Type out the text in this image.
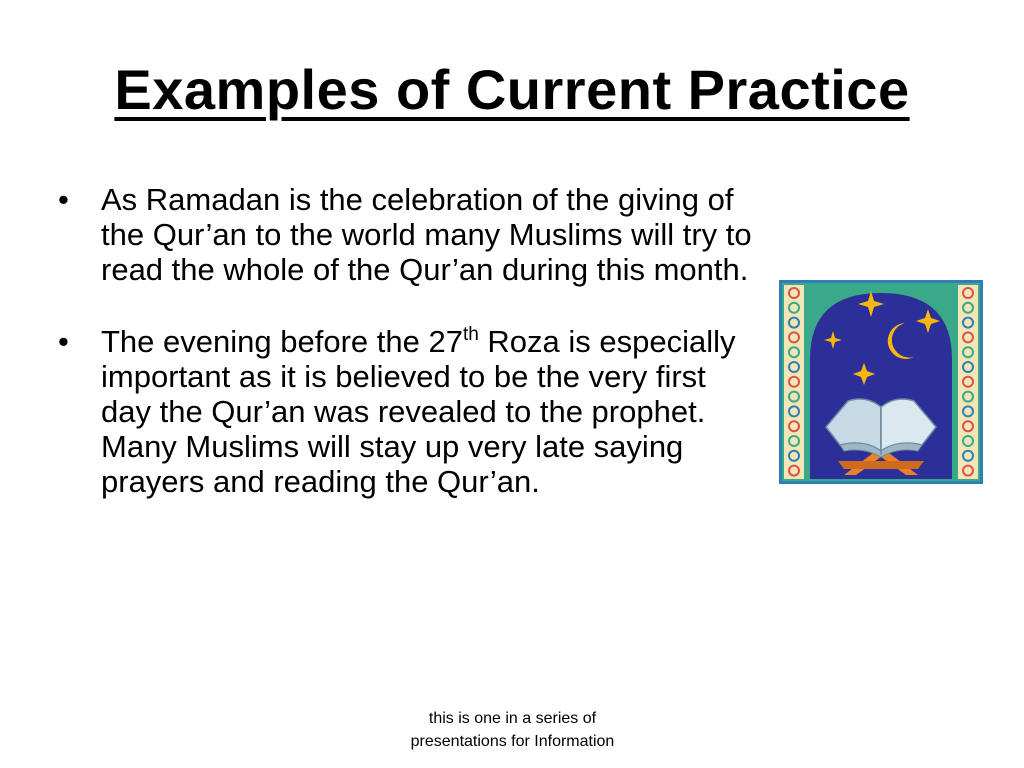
Examples of Current Practice
• As Ramadan is the celebration of the giving of the Qur’an to the world many Muslims will try to read the whole of the Qur’an during this month.
• The evening before the 27th Roza is especially important as it is believed to be the very first day the Qur’an was revealed to the prophet. Many Muslims will stay up very late saying prayers and reading the Qur’an.
this is one in a series of
presentations for Information
